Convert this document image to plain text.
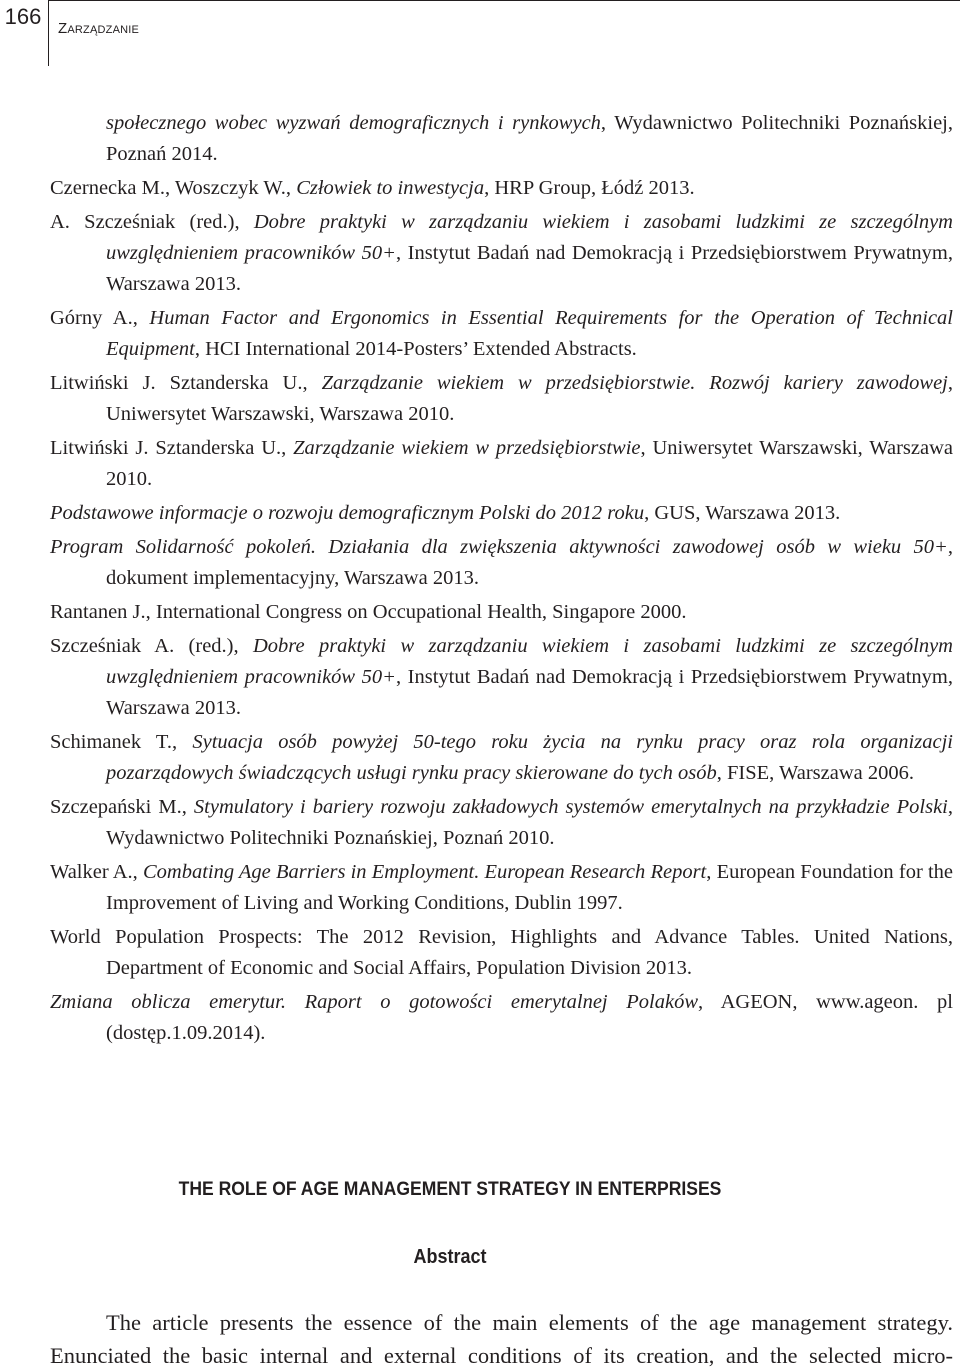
166	Zarządzanie

społecznego wobec wyzwań demograficznych i rynkowych, Wydawnictwo Politechniki Poznańskiej, Poznań 2014.

Czernecka M., Woszczyk W., Człowiek to inwestycja, HRP Group, Łódź 2013.

A. Szcześniak (red.), Dobre praktyki w zarządzaniu wiekiem i zasobami ludzkimi ze szczególnym uwzględnieniem pracowników 50+, Instytut Badań nad Demokracją i Przedsiębiorstwem Prywatnym, Warszawa 2013.

Górny A., Human Factor and Ergonomics in Essential Requirements for the Operation of Technical Equipment, HCI International 2014-Posters’ Extended Abstracts.

Litwiński J. Sztanderska U., Zarządzanie wiekiem w przedsiębiorstwie. Rozwój kariery zawodowej, Uniwersytet Warszawski, Warszawa 2010.

Litwiński J. Sztanderska U., Zarządzanie wiekiem w przedsiębiorstwie, Uniwersytet Warszawski, Warszawa 2010.

Podstawowe informacje o rozwoju demograficznym Polski do 2012 roku, GUS, Warszawa 2013.

Program Solidarność pokoleń. Działania dla zwiększenia aktywności zawodowej osób w wieku 50+, dokument implementacyjny, Warszawa 2013.

Rantanen J., International Congress on Occupational Health, Singapore 2000.

Szcześniak A. (red.), Dobre praktyki w zarządzaniu wiekiem i zasobami ludzkimi ze szczególnym uwzględnieniem pracowników 50+, Instytut Badań nad Demokracją i Przedsiębiorstwem Prywatnym, Warszawa 2013.

Schimanek T., Sytuacja osób powyżej 50-tego roku życia na rynku pracy oraz rola organizacji pozarządowych świadczących usługi rynku pracy skierowane do tych osób, FISE, Warszawa 2006.

Szczepański M., Stymulatory i bariery rozwoju zakładowych systemów emerytalnych na przykładzie Polski, Wydawnictwo Politechniki Poznańskiej, Poznań 2010.

Walker A., Combating Age Barriers in Employment. European Research Report, European Foundation for the Improvement of Living and Working Conditions, Dublin 1997.

World Population Prospects: The 2012 Revision, Highlights and Advance Tables. United Nations, Department of Economic and Social Affairs, Population Division 2013.

Zmiana oblicza emerytur. Raport o gotowości emerytalnej Polaków, AGEON, www.ageon. pl (dostęp.1.09.2014).

THE ROLE OF AGE MANAGEMENT STRATEGY IN ENTERPRISES
Abstract
The article presents the essence of the main elements of the age management strategy. Enunciated the basic internal and external conditions of its creation, and the selected micro-
